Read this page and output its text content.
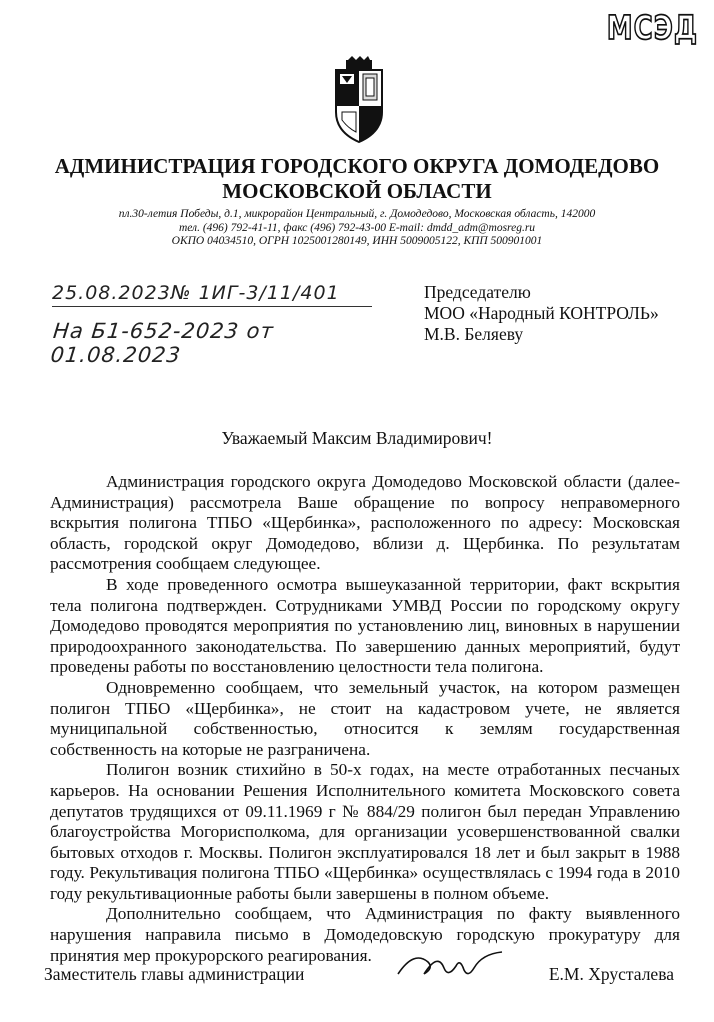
МСЭД
АДМИНИСТРАЦИЯ ГОРОДСКОГО ОКРУГА ДОМОДЕДОВО
МОСКОВСКОЙ ОБЛАСТИ
пл.30-летия Победы, д.1, микрорайон Центральный, г. Домодедово, Московская область, 142000
тел. (496) 792-41-11, факс (496) 792-43-00 E-mail: dmdd_adm@mosreg.ru
ОКПО 04034510, ОГРН 1025001280149, ИНН 5009005122, КПП 500901001
25.08.2023№ 1ИГ-3/11/401
На Б1-652-2023 от 01.08.2023
Председателю
МОО «Народный КОНТРОЛЬ»
М.В. Беляеву
Уважаемый Максим Владимирович!

Администрация городского округа Домодедово Московской области (далее-Администрация) рассмотрела Ваше обращение по вопросу неправомерного вскрытия полигона ТПБО «Щербинка», расположенного по адресу: Московская область, городской округ Домодедово, вблизи д. Щербинка. По результатам рассмотрения сообщаем следующее.

В ходе проведенного осмотра вышеуказанной территории, факт вскрытия тела полигона подтвержден. Сотрудниками УМВД России по городскому округу Домодедово проводятся мероприятия по установлению лиц, виновных в нарушении природоохранного законодательства. По завершению данных мероприятий, будут проведены работы по восстановлению целостности тела полигона.

Одновременно сообщаем, что земельный участок, на котором размещен полигон ТПБО «Щербинка», не стоит на кадастровом учете, не является муниципальной собственностью, относится к землям государственная собственность на которые не разграничена.

Полигон возник стихийно в 50-х годах, на месте отработанных песчаных карьеров. На основании Решения Исполнительного комитета Московского совета депутатов трудящихся от 09.11.1969 г № 884/29 полигон был передан Управлению благоустройства Могорисполкома, для организации усовершенствованной свалки бытовых отходов г. Москвы. Полигон эксплуатировался 18 лет и был закрыт в 1988 году. Рекультивация полигона ТПБО «Щербинка» осуществлялась с 1994 года в 2010 году рекультивационные работы были завершены в полном объеме.

Дополнительно сообщаем, что Администрация по факту выявленного нарушения направила письмо в Домодедовскую городскую прокуратуру для принятия мер прокурорского реагирования.

Заместитель главы администрации	Е.М. Хрусталева
